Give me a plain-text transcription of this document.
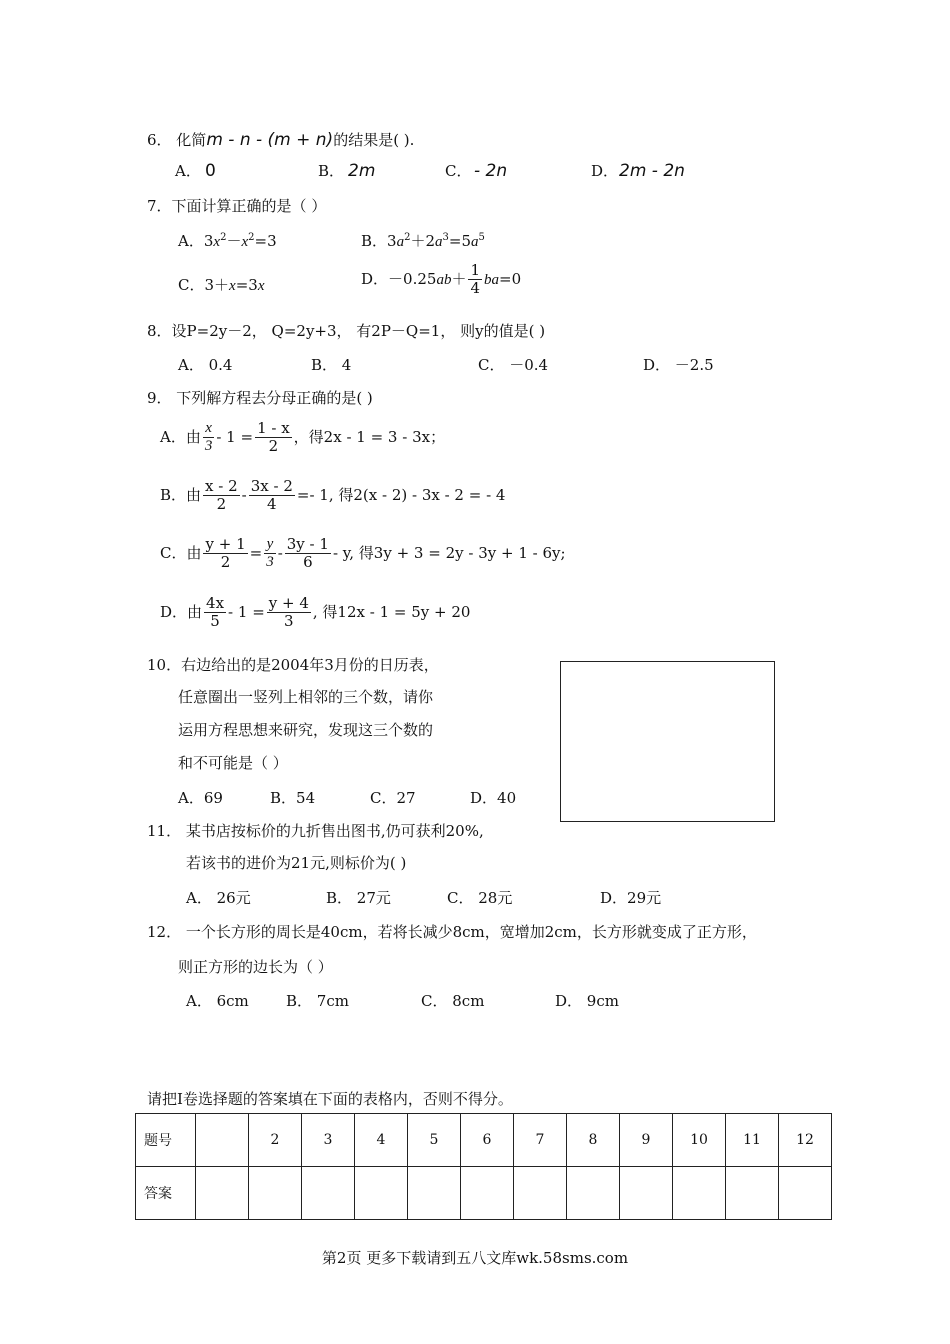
6． 化简m - n - (m + n)的结果是( ).
A． 0	B． 2m	C． - 2n	D． 2m - 2n
7．下面计算正确的是（ ）
A．$3x^2-x^2=3$	B．$3a^2+2a^3=5a^5$
C．3＋x=3x	D．$-0.25ab+ \frac{1}{4} ba=0$
8．设P=2y－2， Q=2y+3， 有2P－Q=1， 则y的值是( )
A． 0.4	B． 4	C． －0.4	D． －2.5
9． 下列解方程去分母正确的是( )
A．由 $\frac{x}{3} - 1 = \frac{1 - x}{2}$ ，得2x - 1 = 3 - 3x；
B．由 $\frac{x - 2}{2} - \frac{3x - 2}{4} =- 1$, 得2(x - 2) - 3x - 2 = - 4
C．由 $\frac{y + 1}{2} = \frac{y}{3} - \frac{3y - 1}{6} - y$, 得3y + 3 = 2y - 3y + 1 - 6y;
D．由 $\frac{4x}{5} - 1 = \frac{y + 4}{3}$ , 得12x - 1 = 5y + 20
10．右边给出的是2004年3月份的日历表，
任意圈出一竖列上相邻的三个数，请你
运用方程思想来研究，发现这三个数的
和不可能是（ ）
A．69	B．54	C．27	D．40
11． 某书店按标价的九折售出图书,仍可获利20%,
若该书的进价为21元,则标价为( )
A． 26元	B． 27元	C． 28元	D．29元
12． 一个长方形的周长是40cm，若将长减少8cm，宽增加2cm，长方形就变成了正方形，
则正方形的边长为（ ）
A． 6cm B． 7cm	C． 8cm	D． 9cm
请把Ⅰ卷选择题的答案填在下面的表格内，否则不得分。
题号		2	3	4	5	6	7	8	9	10	11	12
答案												
第2页 更多下载请到五八文库wk.58sms.com
